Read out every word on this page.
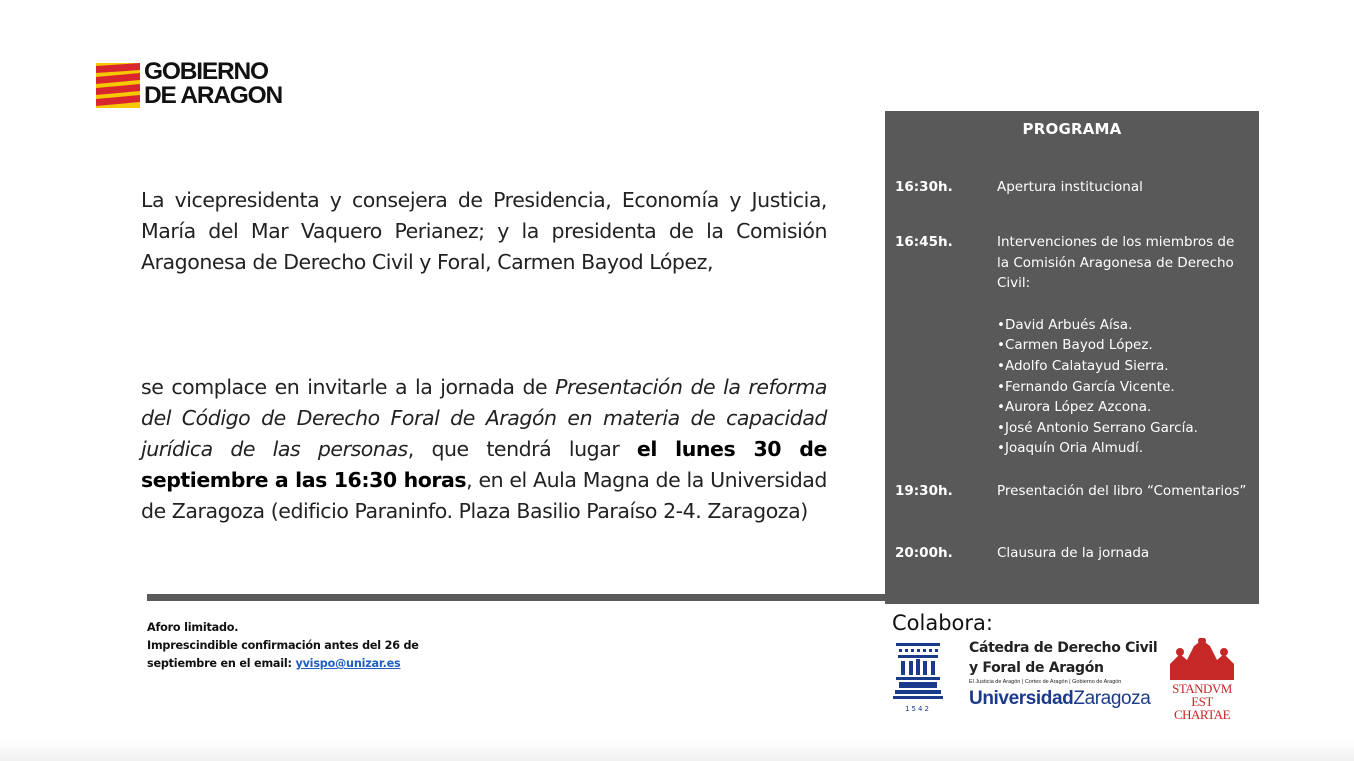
GOBIERNO
DE ARAGON
La vicepresidenta y consejera de Presidencia, Economía y Justicia, María del Mar Vaquero Perianez; y la presidenta de la Comisión Aragonesa de Derecho Civil y Foral, Carmen Bayod López,
se complace en invitarle a la jornada de Presentación de la reforma del Código de Derecho Foral de Aragón en materia de capacidad jurídica de las personas, que tendrá lugar el lunes 30 de septiembre a las 16:30 horas, en el Aula Magna de la Universidad de Zaragoza (edificio Paraninfo. Plaza Basilio Paraíso 2-4. Zaragoza)
PROGRAMA
16:30h.	Apertura institucional
16:45h.	Intervenciones de los miembros de la Comisión Aragonesa de Derecho Civil:
•David Arbués Aísa.
•Carmen Bayod López.
•Adolfo Calatayud Sierra.
•Fernando García Vicente.
•Aurora López Azcona.
•José Antonio Serrano García.
•Joaquín Oria Almudí.
19:30h.	Presentación del libro “Comentarios”
20:00h.	Clausura de la jornada
Aforo limitado.
Imprescindible confirmación antes del 26 de septiembre en el email: yvispo@unizar.es
Colabora:
1542
Cátedra de Derecho Civil
y Foral de Aragón
El Justicia de Aragón | Cortes de Aragón | Gobierno de Aragón
UniversidadZaragoza	STANDVM
EST CHARTAE
